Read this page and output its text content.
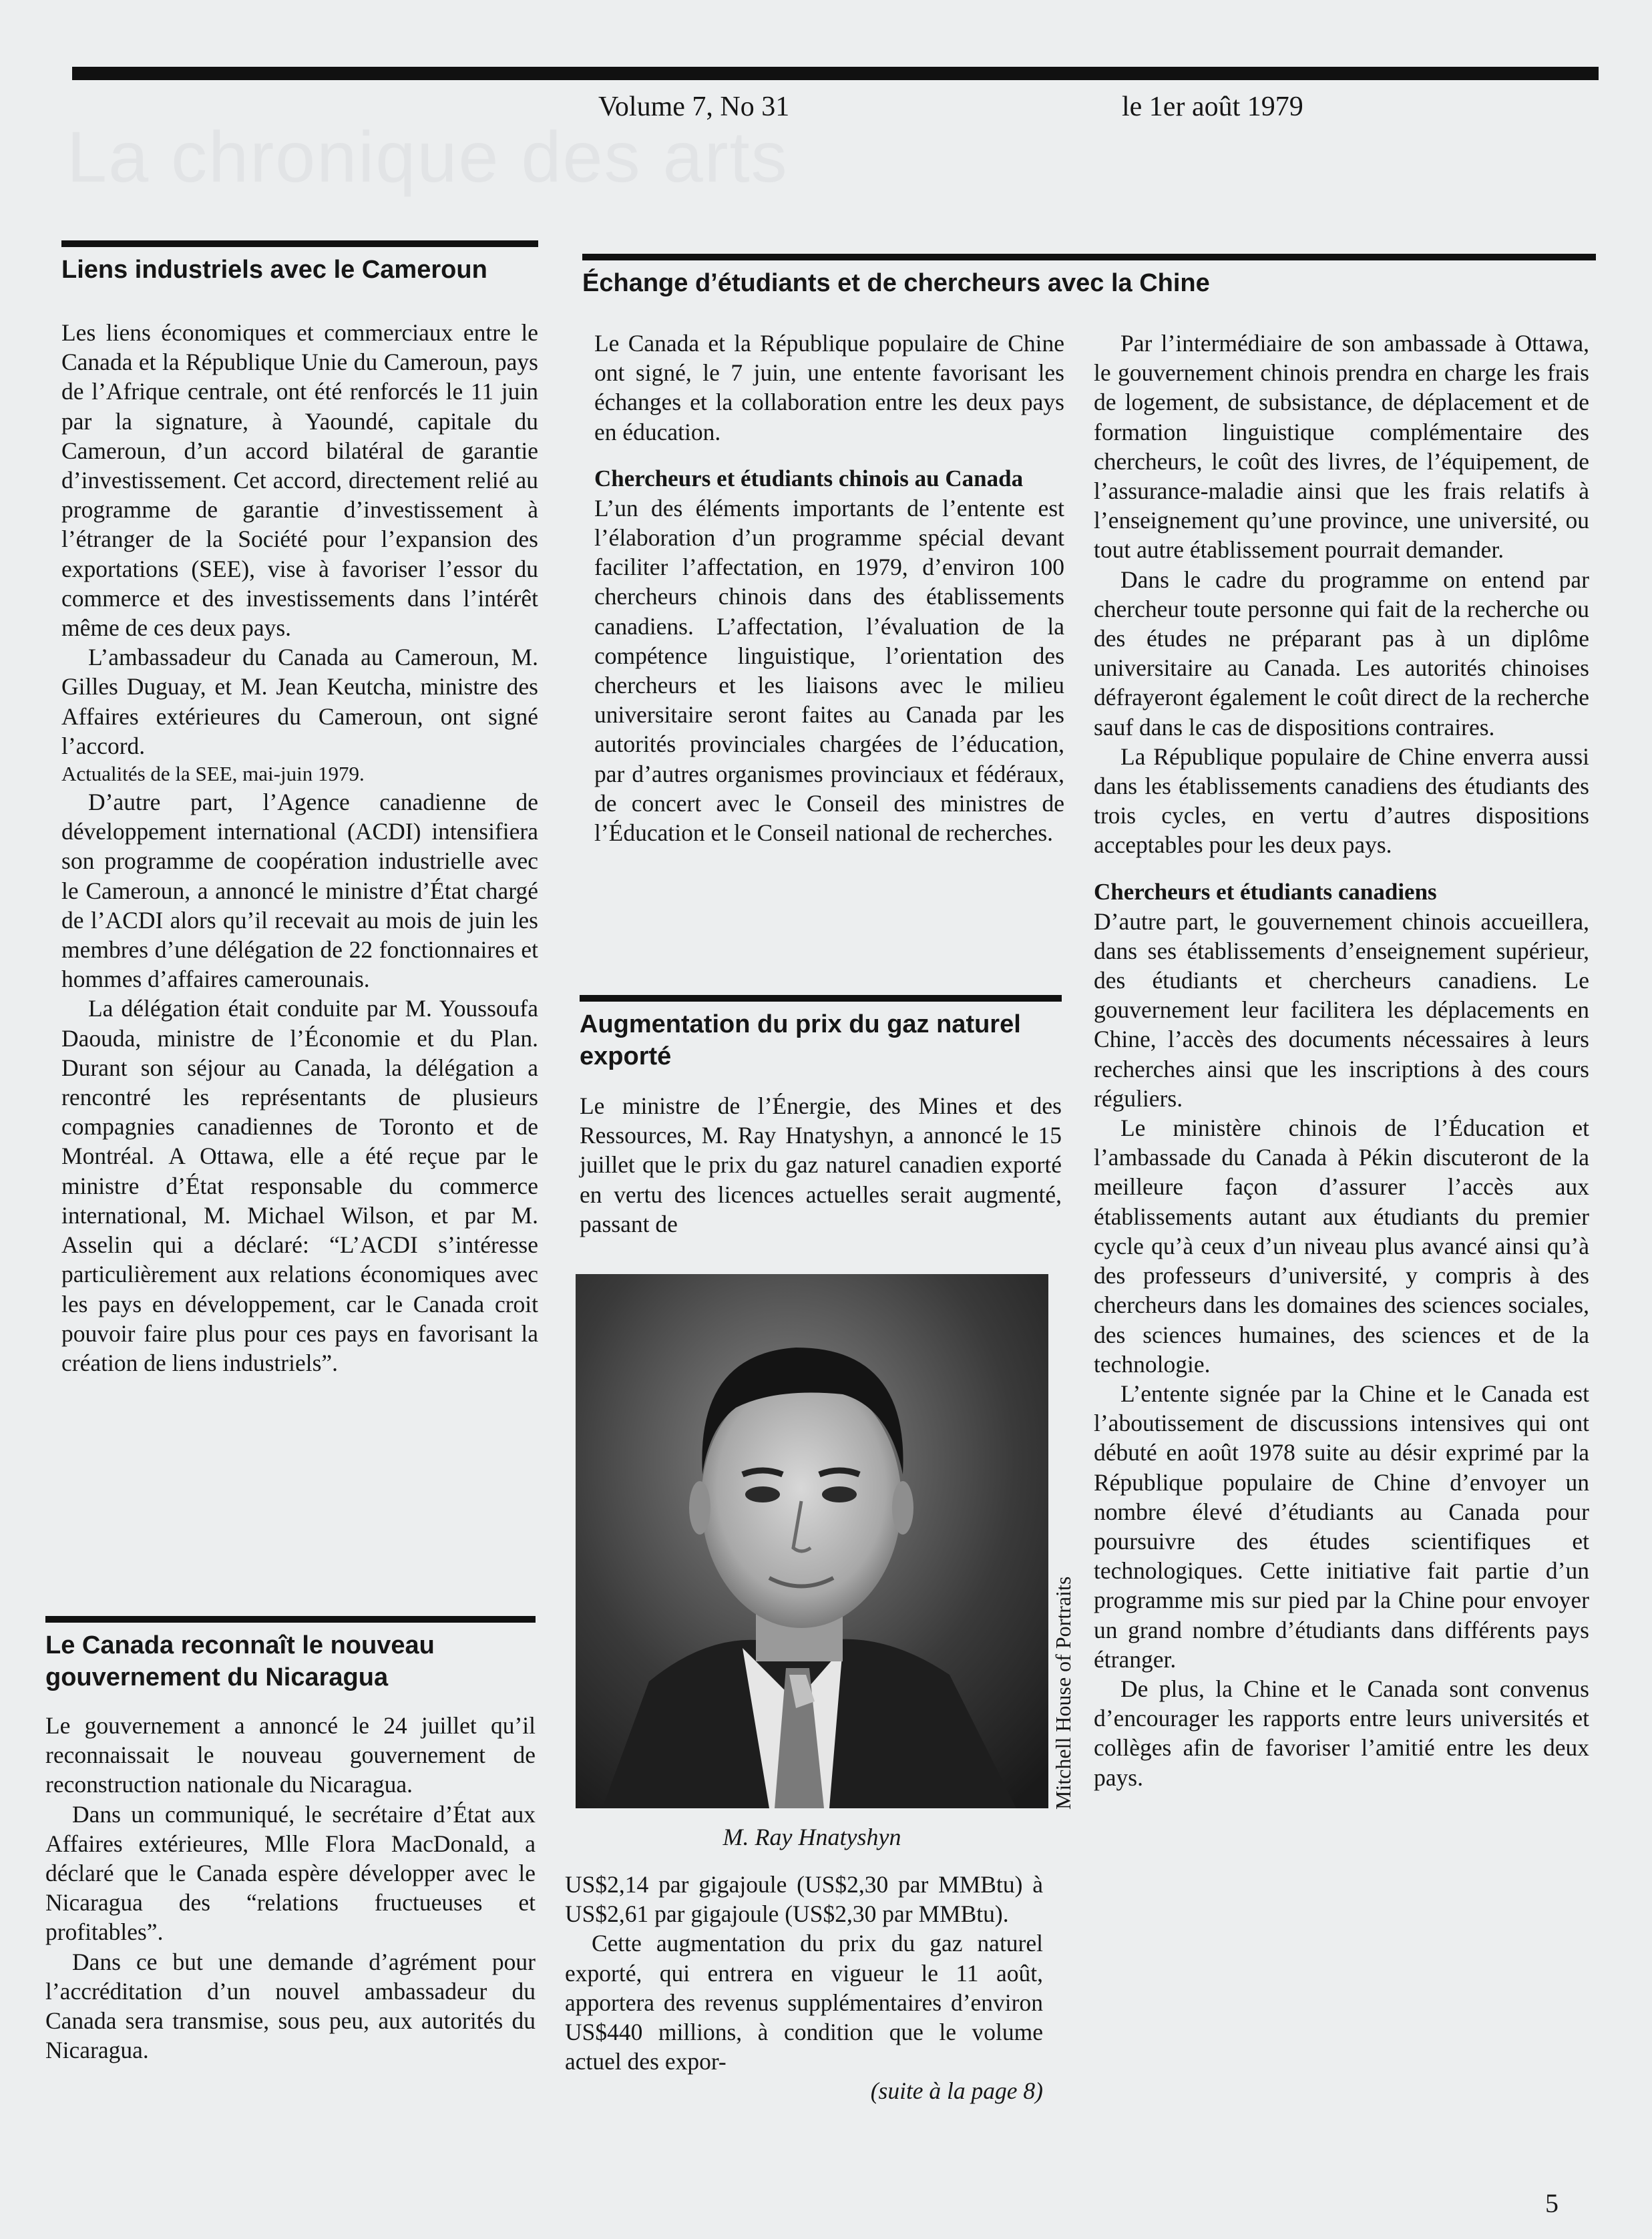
La chronique des arts
Volume 7, No 31	le 1er août 1979
Liens industriels avec le Cameroun

Les liens économiques et commerciaux entre le Canada et la République Unie du Cameroun, pays de l’Afrique centrale, ont été renforcés le 11 juin par la signature, à Yaoundé, capitale du Cameroun, d’un accord bilatéral de garantie d’investissement. Cet accord, directement relié au programme de garantie d’investissement à l’étranger de la Société pour l’expansion des exportations (SEE), vise à favoriser l’essor du commerce et des investissements dans l’intérêt même de ces deux pays.

L’ambassadeur du Canada au Cameroun, M. Gilles Duguay, et M. Jean Keutcha, ministre des Affaires extérieures du Cameroun, ont signé l’accord.

Actualités de la SEE, mai-juin 1979.

D’autre part, l’Agence canadienne de développement international (ACDI) intensifiera son programme de coopération industrielle avec le Cameroun, a annoncé le ministre d’État chargé de l’ACDI alors qu’il recevait au mois de juin les membres d’une délégation de 22 fonctionnaires et hommes d’affaires camerounais.

La délégation était conduite par M. Youssoufa Daouda, ministre de l’Économie et du Plan. Durant son séjour au Canada, la délégation a rencontré les représentants de plusieurs compagnies canadiennes de Toronto et de Montréal. A Ottawa, elle a été reçue par le ministre d’État responsable du commerce international, M. Michael Wilson, et par M. Asselin qui a déclaré: “L’ACDI s’intéresse particulièrement aux relations économiques avec les pays en développement, car le Canada croit pouvoir faire plus pour ces pays en favorisant la création de liens industriels”.

Le Canada reconnaît le nouveau gouvernement du Nicaragua

Le gouvernement a annoncé le 24 juillet qu’il reconnaissait le nouveau gouvernement de reconstruction nationale du Nicaragua.

Dans un communiqué, le secrétaire d’État aux Affaires extérieures, Mlle Flora MacDonald, a déclaré que le Canada espère développer avec le Nicaragua des “relations fructueuses et profitables”.

Dans ce but une demande d’agrément pour l’accréditation d’un nouvel ambassadeur du Canada sera transmise, sous peu, aux autorités du Nicaragua.

Échange d’étudiants et de chercheurs avec la Chine

Le Canada et la République populaire de Chine ont signé, le 7 juin, une entente favorisant les échanges et la collaboration entre les deux pays en éducation.

Chercheurs et étudiants chinois au Canada

L’un des éléments importants de l’entente est l’élaboration d’un programme spécial devant faciliter l’affectation, en 1979, d’environ 100 chercheurs chinois dans des établissements canadiens. L’affectation, l’évaluation de la compétence linguistique, l’orientation des chercheurs et les liaisons avec le milieu universitaire seront faites au Canada par les autorités provinciales chargées de l’éducation, par d’autres organismes provinciaux et fédéraux, de concert avec le Conseil des ministres de l’Éducation et le Conseil national de recherches.

Par l’intermédiaire de son ambassade à Ottawa, le gouvernement chinois prendra en charge les frais de logement, de subsistance, de déplacement et de formation linguistique complémentaire des chercheurs, le coût des livres, de l’équipement, de l’assurance-maladie ainsi que les frais relatifs à l’enseignement qu’une province, une université, ou tout autre établissement pourrait demander.

Dans le cadre du programme on entend par chercheur toute personne qui fait de la recherche ou des études ne préparant pas à un diplôme universitaire au Canada. Les autorités chinoises défrayeront également le coût direct de la recherche sauf dans le cas de dispositions contraires.

La République populaire de Chine enverra aussi dans les établissements canadiens des étudiants des trois cycles, en vertu d’autres dispositions acceptables pour les deux pays.

Chercheurs et étudiants canadiens

D’autre part, le gouvernement chinois accueillera, dans ses établissements d’enseignement supérieur, des étudiants et chercheurs canadiens. Le gouvernement leur facilitera les déplacements en Chine, l’accès des documents nécessaires à leurs recherches ainsi que les inscriptions à des cours réguliers.

Le ministère chinois de l’Éducation et l’ambassade du Canada à Pékin discuteront de la meilleure façon d’assurer l’accès aux établissements autant aux étudiants du premier cycle qu’à ceux d’un niveau plus avancé ainsi qu’à des professeurs d’université, y compris à des chercheurs dans les domaines des sciences sociales, des sciences humaines, des sciences et de la technologie.

L’entente signée par la Chine et le Canada est l’aboutissement de discussions intensives qui ont débuté en août 1978 suite au désir exprimé par la République populaire de Chine d’envoyer un nombre élevé d’étudiants au Canada pour poursuivre des études scientifiques et technologiques. Cette initiative fait partie d’un programme mis sur pied par la Chine pour envoyer un grand nombre d’étudiants dans différents pays étranger.

De plus, la Chine et le Canada sont convenus d’encourager les rapports entre leurs universités et collèges afin de favoriser l’amitié entre les deux pays.

Augmentation du prix du gaz naturel exporté

Le ministre de l’Énergie, des Mines et des Ressources, M. Ray Hnatyshyn, a annoncé le 15 juillet que le prix du gaz naturel canadien exporté en vertu des licences actuelles serait augmenté, passant de

Mitchell House of Portraits
M. Ray Hnatyshyn

US$2,14 par gigajoule (US$2,30 par MMBtu) à US$2,61 par gigajoule (US$2,30 par MMBtu).

Cette augmentation du prix du gaz naturel exporté, qui entrera en vigueur le 11 août, apportera des revenus supplémentaires d’environ US$440 millions, à condition que le volume actuel des expor-

(suite à la page 8)
5
